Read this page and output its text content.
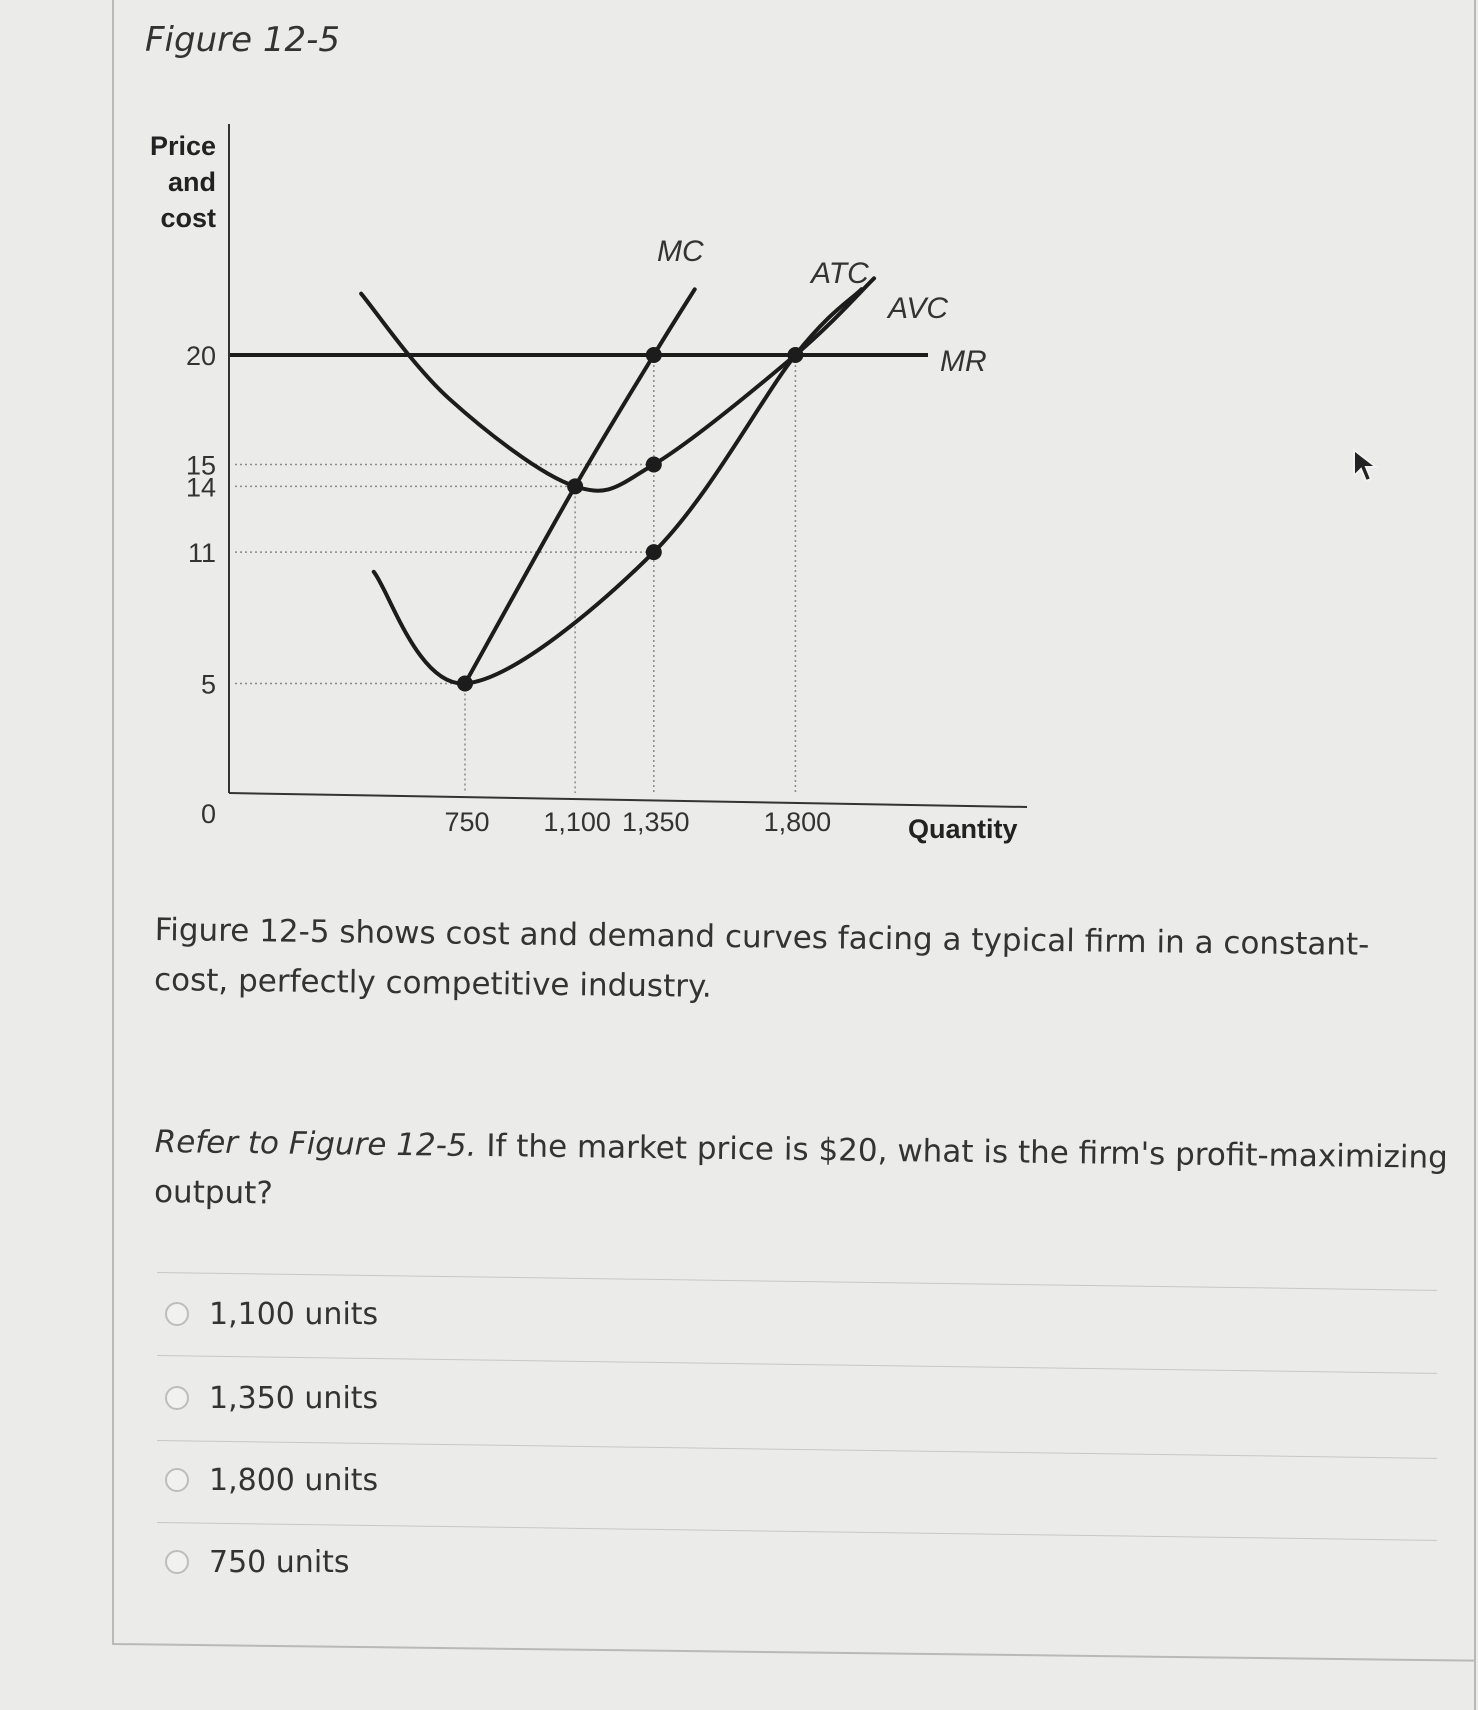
Figure 12-5
Price
and
cost
MC
ATC
AVC
MR
0
5
11
14
15
20
750 1,100 1,350	1,800	Quantity
Figure 12-5 shows cost and demand curves facing a typical firm in a constant-cost, perfectly competitive industry.
Refer to Figure 12-5. If the market price is $20, what is the firm's profit-maximizing output?
1,100 units
1,350 units
1,800 units
750 units
